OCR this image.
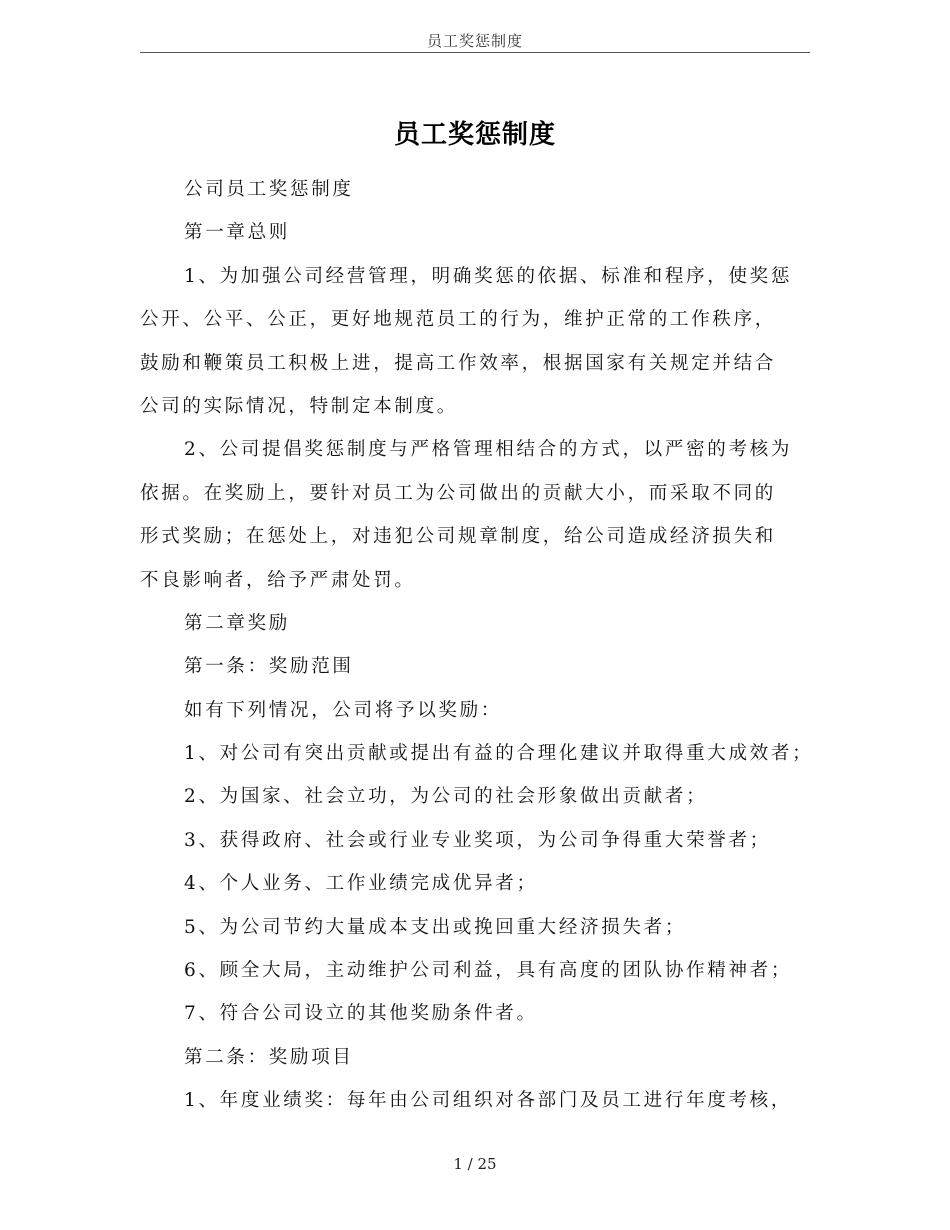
员工奖惩制度
员工奖惩制度
公司员工奖惩制度
第一章总则
1、为加强公司经营管理，明确奖惩的依据、标准和程序，使奖惩
公开、公平、公正，更好地规范员工的行为，维护正常的工作秩序，
鼓励和鞭策员工积极上进，提高工作效率，根据国家有关规定并结合
公司的实际情况，特制定本制度。
2、公司提倡奖惩制度与严格管理相结合的方式，以严密的考核为
依据。在奖励上，要针对员工为公司做出的贡献大小，而采取不同的
形式奖励；在惩处上，对违犯公司规章制度，给公司造成经济损失和
不良影响者，给予严肃处罚。
第二章奖励
第一条：奖励范围
如有下列情况，公司将予以奖励：
1、对公司有突出贡献或提出有益的合理化建议并取得重大成效者；
2、为国家、社会立功，为公司的社会形象做出贡献者；
3、获得政府、社会或行业专业奖项，为公司争得重大荣誉者；
4、个人业务、工作业绩完成优异者；
5、为公司节约大量成本支出或挽回重大经济损失者；
6、顾全大局，主动维护公司利益，具有高度的团队协作精神者；
7、符合公司设立的其他奖励条件者。
第二条：奖励项目
1、年度业绩奖：每年由公司组织对各部门及员工进行年度考核，
1 / 25
